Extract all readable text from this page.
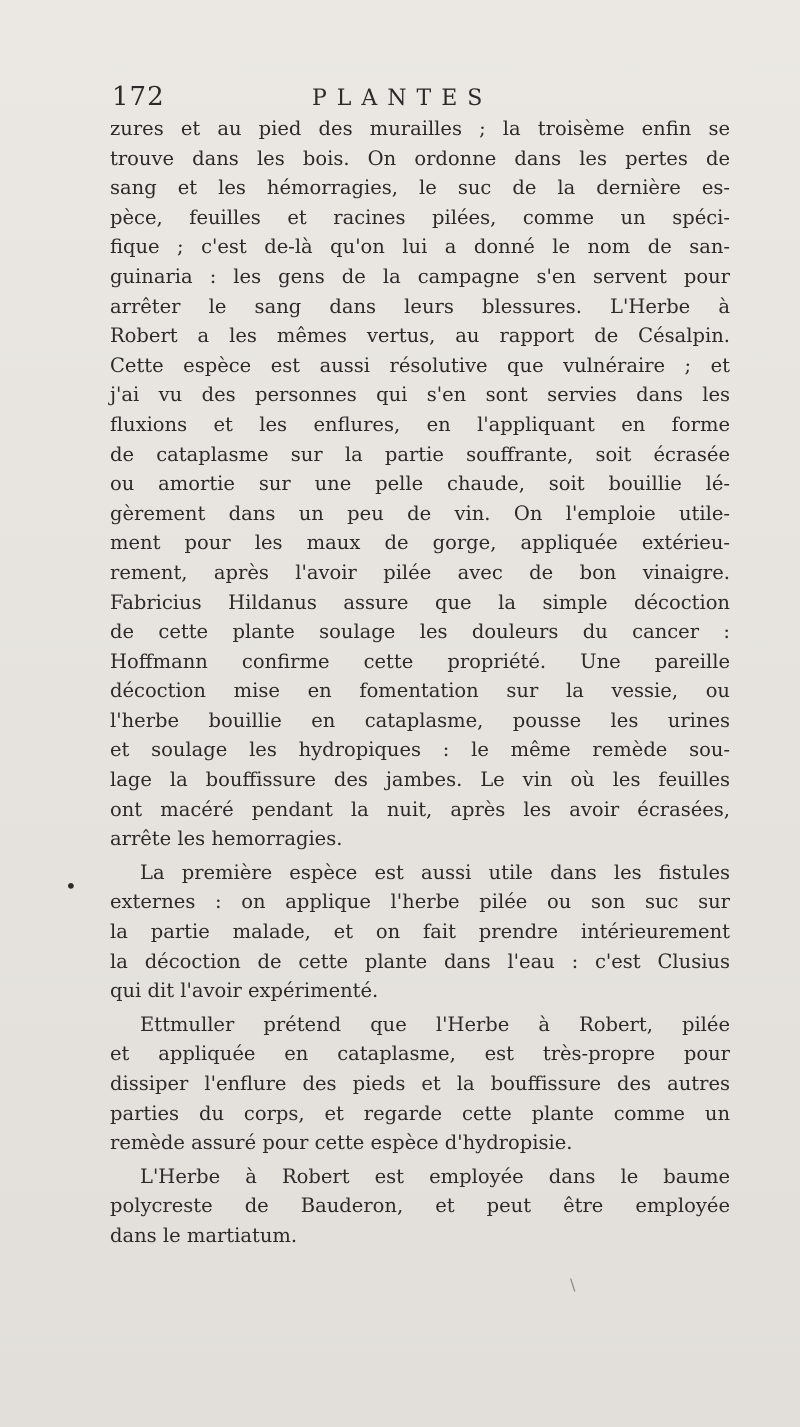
172	PLANTES
zures et au pied des murailles ; la troisème enfin se
trouve dans les bois. On ordonne dans les pertes de
sang et les hémorragies, le suc de la dernière es-
pèce, feuilles et racines pilées, comme un spéci-
fique ; c'est de-là qu'on lui a donné le nom de san-
guinaria : les gens de la campagne s'en servent pour
arrêter le sang dans leurs blessures. L'Herbe à
Robert a les mêmes vertus, au rapport de Césalpin.
Cette espèce est aussi résolutive que vulnéraire ; et
j'ai vu des personnes qui s'en sont servies dans les
fluxions et les enflures, en l'appliquant en forme
de cataplasme sur la partie souffrante, soit écrasée
ou amortie sur une pelle chaude, soit bouillie lé-
gèrement dans un peu de vin. On l'emploie utile-
ment pour les maux de gorge, appliquée extérieu-
rement, après l'avoir pilée avec de bon vinaigre.
Fabricius Hildanus assure que la simple décoction
de cette plante soulage les douleurs du cancer :
Hoffmann confirme cette propriété. Une pareille
décoction mise en fomentation sur la vessie, ou
l'herbe bouillie en cataplasme, pousse les urines
et soulage les hydropiques : le même remède sou-
lage la bouffissure des jambes. Le vin où les feuilles
ont macéré pendant la nuit, après les avoir écrasées,
arrête les hemorragies.
La première espèce est aussi utile dans les fistules
externes : on applique l'herbe pilée ou son suc sur
la partie malade, et on fait prendre intérieurement
la décoction de cette plante dans l'eau : c'est Clusius
qui dit l'avoir expérimenté.
Ettmuller prétend que l'Herbe à Robert, pilée
et appliquée en cataplasme, est très-propre pour
dissiper l'enflure des pieds et la bouffissure des autres
parties du corps, et regarde cette plante comme un
remède assuré pour cette espèce d'hydropisie.
L'Herbe à Robert est employée dans le baume
polycreste de Bauderon, et peut être employée
dans le martiatum.
•
\
